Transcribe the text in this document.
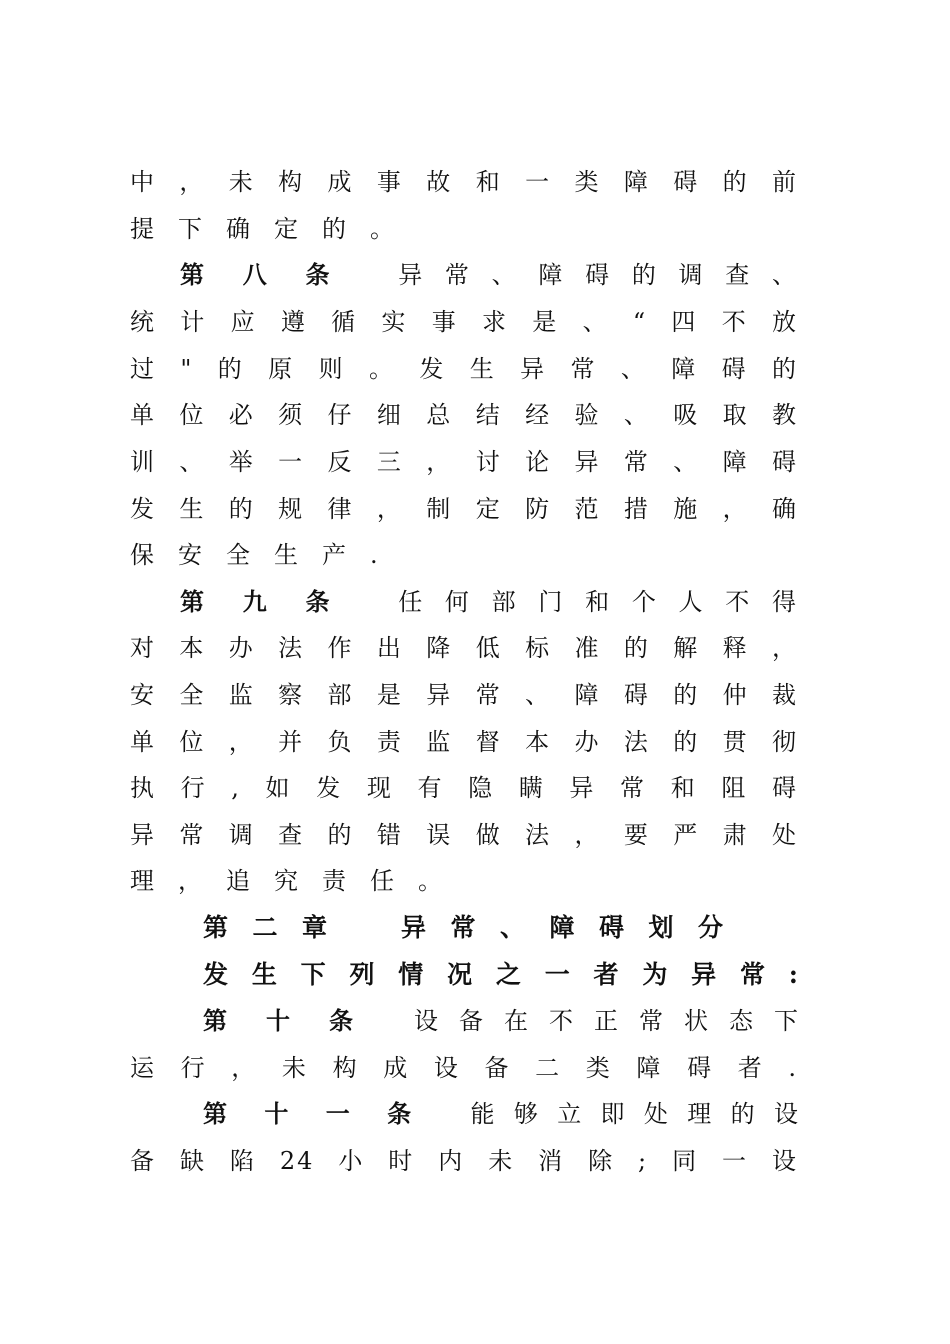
中，未构成事故和一类障碍的前
提下确定的。
第八条 异常、障碍的调查、
统计应遵循实事求是、“四不放
过"的原则。发生异常、障碍的
单位必须仔细总结经验、吸取教
训、举一反三，讨论异常、障碍
发生的规律，制定防范措施，确
保安全生产.
第九条 任何部门和个人不得
对本办法作出降低标准的解释，
安全监察部是异常、障碍的仲裁
单位，并负责监督本办法的贯彻
执行,如发现有隐瞒异常和阻碍
异常调查的错误做法，要严肃处
理，追究责任。
第二章　异常、障碍划分
发生下列情况之一者为异常:
第十条 设备在不正常状态下
运行，未构成设备二类障碍者.
第十一条 能够立即处理的设
备缺陷24小时内未消除;同一设
